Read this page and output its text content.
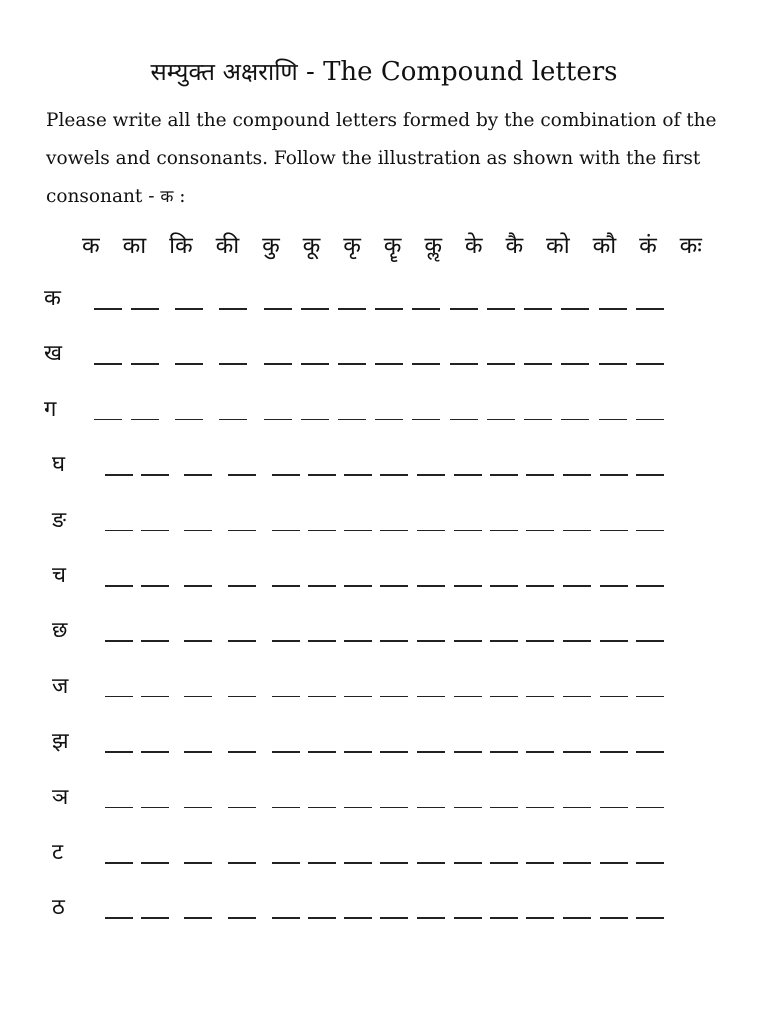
सम्युक्त अक्षराणि - The Compound letters
Please write all the compound letters formed by the combination of the vowels and consonants. Follow the illustration as shown with the first consonant - क :
क का कि की कु कू कृ कॄ कॢ के कै को कौ कं कः
क
ख
ग
घ
ङ
च
छ
ज
झ
ञ
ट
ठ
